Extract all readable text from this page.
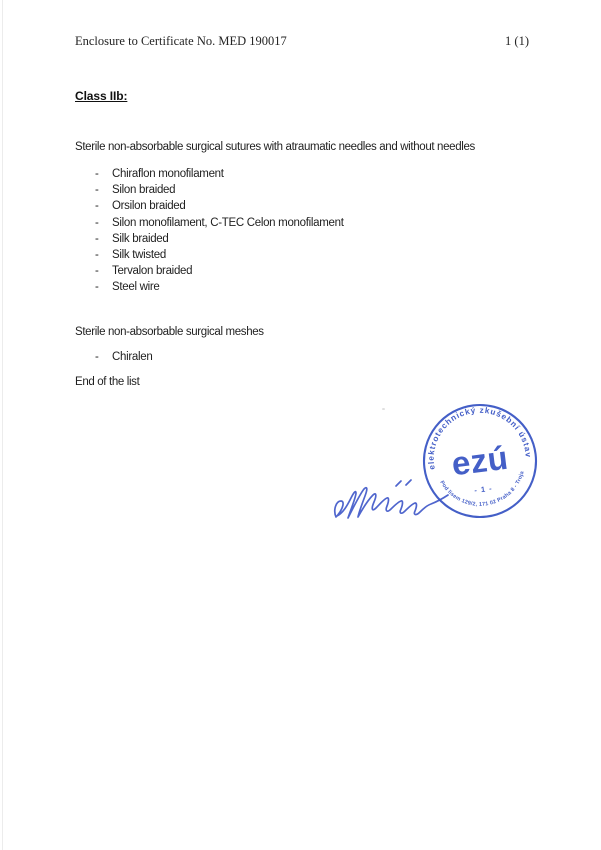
Enclosure to Certificate No. MED 190017	1 (1)
Class IIb:
Sterile non-absorbable surgical sutures with atraumatic needles and without needles
-	Chiraflon monofilament
-	Silon braided
-	Orsilon braided
-	Silon monofilament, C-TEC Celon monofilament
-	Silk braided
-	Silk twisted
-	Tervalon braided
-	Steel wire
Sterile non-absorbable surgical meshes
-	Chiralen
End of the list
elektrotechnický zkušební ústav
Pod lisem 129/2, 171 02 Praha 8 - Troja
ezú
- 1 -
